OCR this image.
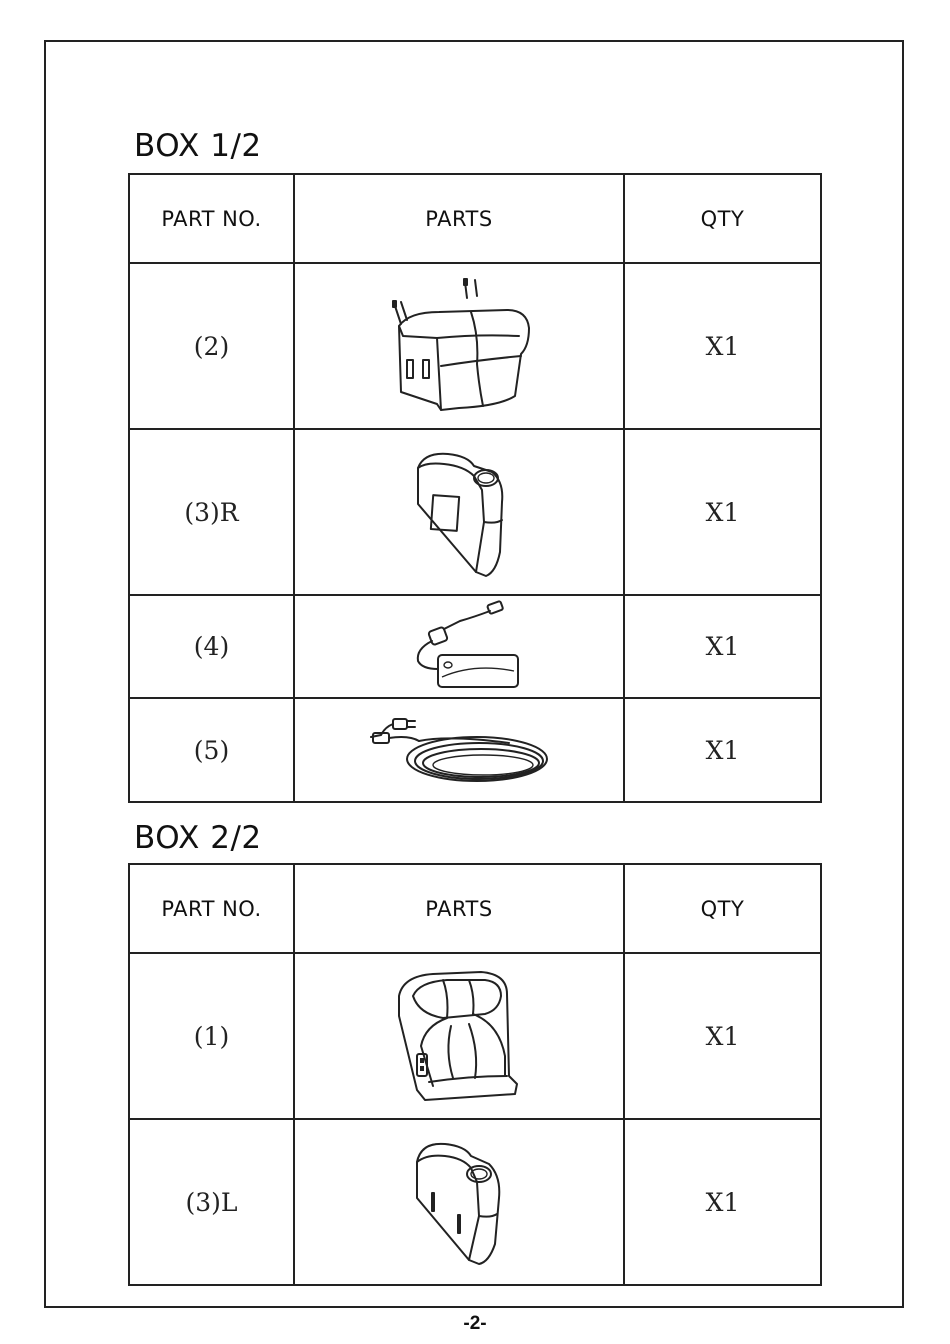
BOX 1/2
PART NO.	PARTS	QTY
(2)		X1
(3)R		X1
(4)		X1
(5)		X1
BOX 2/2
PART NO.	PARTS	QTY
(1)		X1
(3)L		X1
-2-
